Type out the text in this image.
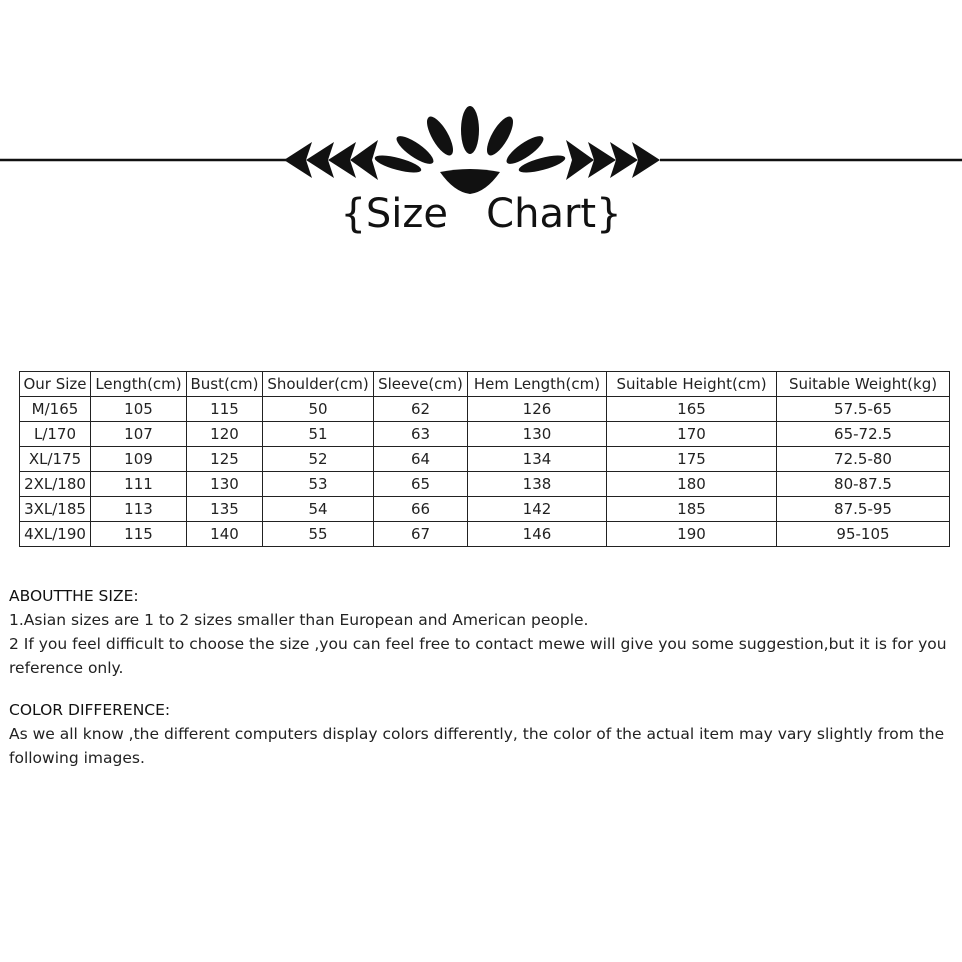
{Size   Chart}
Our Size	Length(cm)	Bust(cm)	Shoulder(cm)	Sleeve(cm)	Hem Length(cm)	Suitable Height(cm)	Suitable Weight(kg)
M/165	105	115	50	62	126	165	57.5-65
L/170	107	120	51	63	130	170	65-72.5
XL/175	109	125	52	64	134	175	72.5-80
2XL/180	111	130	53	65	138	180	80-87.5
3XL/185	113	135	54	66	142	185	87.5-95
4XL/190	115	140	55	67	146	190	95-105

ABOUTTHE SIZE:

1.Asian sizes are 1 to 2 sizes smaller than European and American people.

2 If you feel difficult to choose the size ,you can feel free to contact mewe will give you some suggestion,but it is for you reference only.

COLOR DIFFERENCE:

As we all know ,the different computers display colors differently, the color of the actual item may vary slightly from the following images.
